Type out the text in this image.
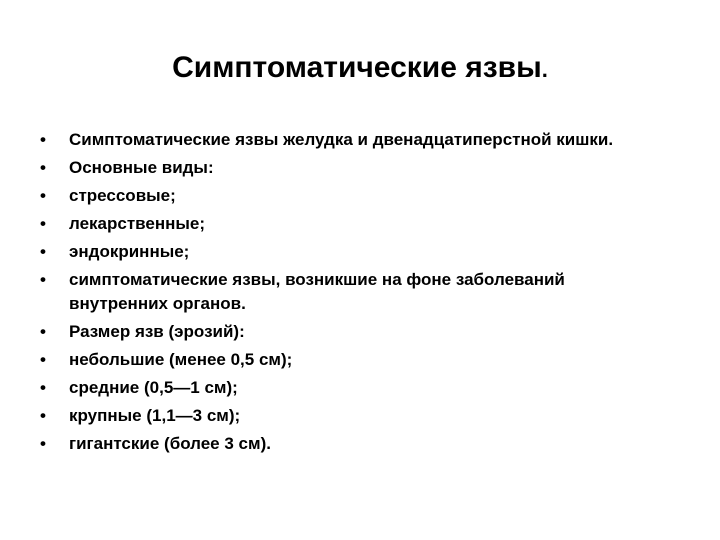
Симптоматические язвы.
• Симптоматические язвы желудка и двенадцатиперстной кишки.
• Основные виды:
• стрессовые;
• лекарственные;
• эндокринные;
• симптоматические язвы, возникшие на фоне заболеваний внутренних органов.
• Размер язв (эрозий):
• небольшие (менее 0,5 см);
• средние (0,5—1 см);
• крупные (1,1—3 см);
• гигантские (более 3 см).
